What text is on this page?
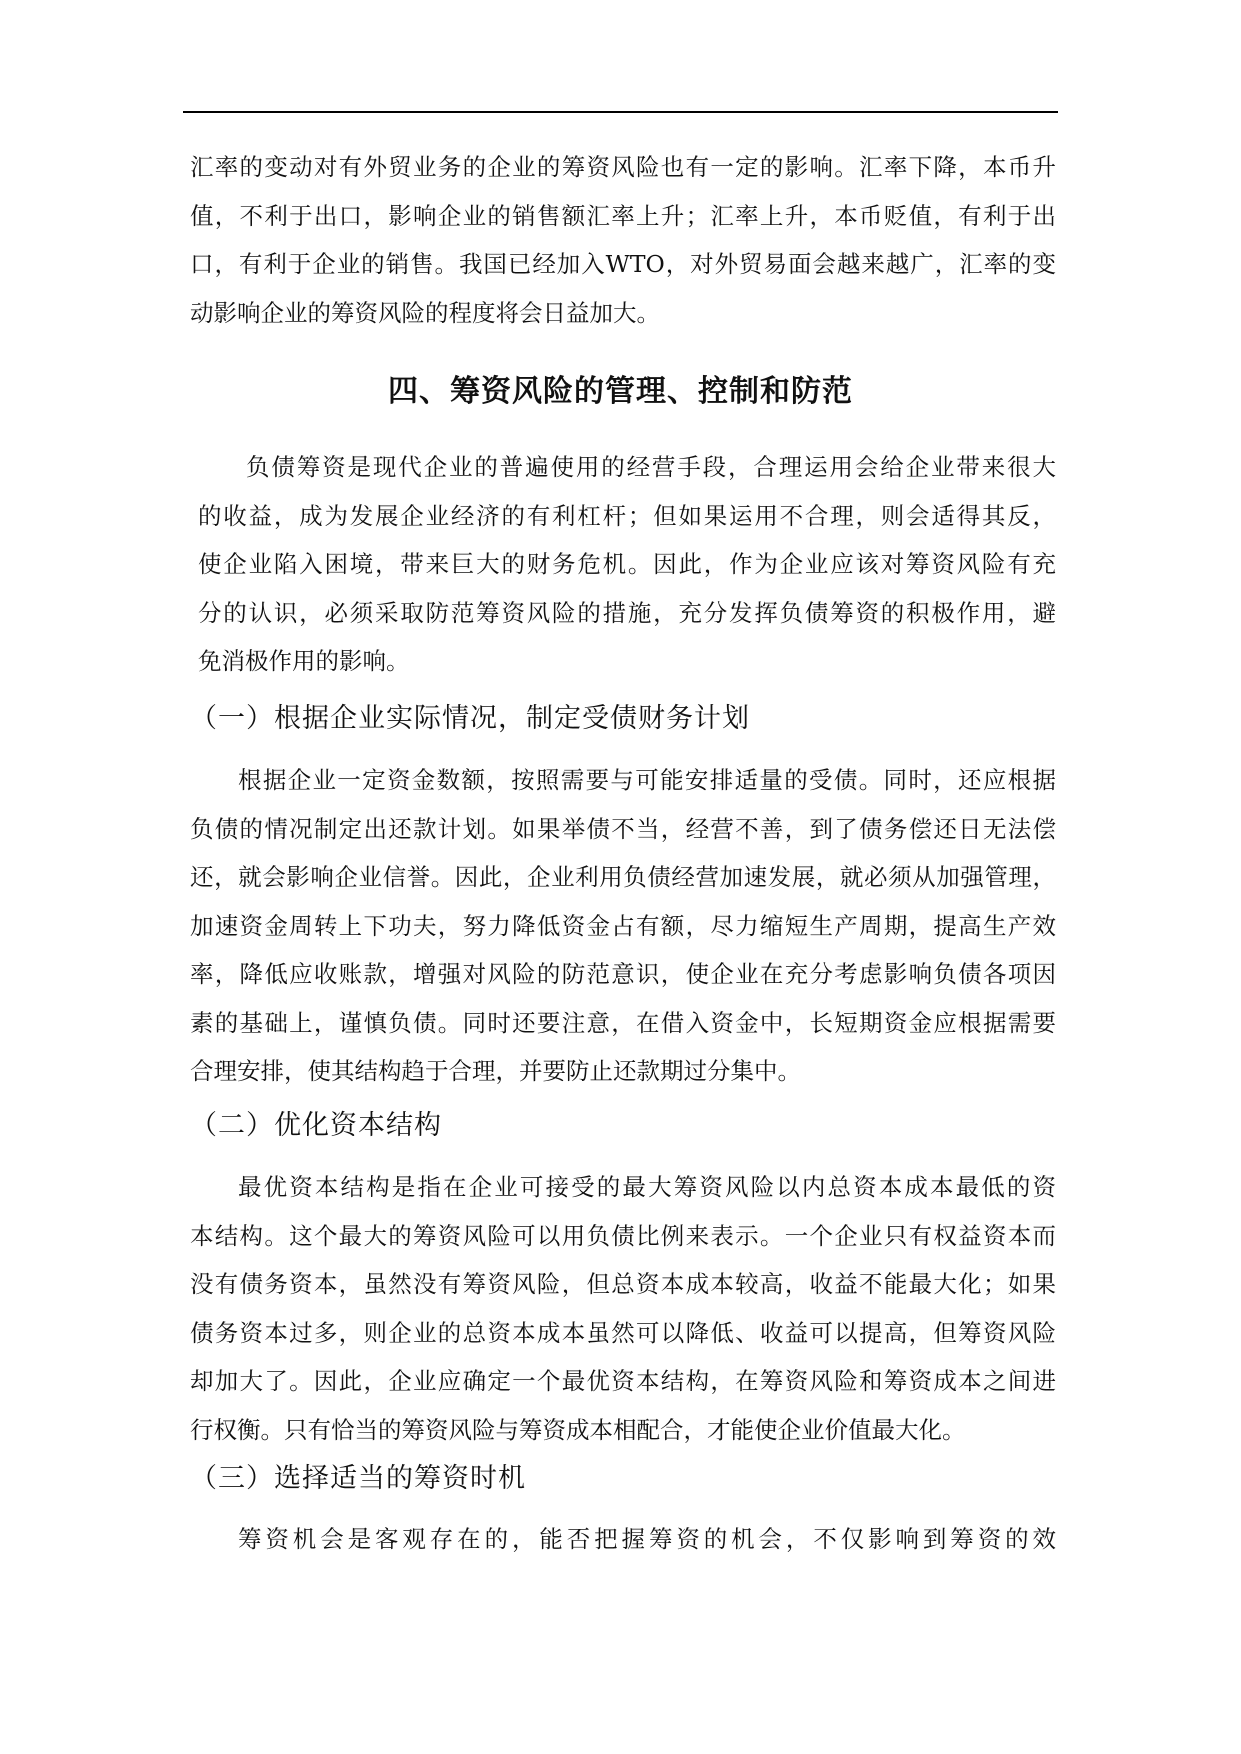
汇率的变动对有外贸业务的企业的筹资风险也有一定的影响。汇率下降，本币升
值，不利于出口，影响企业的销售额汇率上升；汇率上升，本币贬值，有利于出
口，有利于企业的销售。我国已经加入WTO，对外贸易面会越来越广，汇率的变
动影响企业的筹资风险的程度将会日益加大。

四、筹资风险的管理、控制和防范

负债筹资是现代企业的普遍使用的经营手段，合理运用会给企业带来很大
的收益，成为发展企业经济的有利杠杆；但如果运用不合理，则会适得其反，
使企业陷入困境，带来巨大的财务危机。因此，作为企业应该对筹资风险有充
分的认识，必须采取防范筹资风险的措施，充分发挥负债筹资的积极作用，避
免消极作用的影响。

（一）根据企业实际情况，制定受债财务计划

根据企业一定资金数额，按照需要与可能安排适量的受债。同时，还应根据
负债的情况制定出还款计划。如果举债不当，经营不善，到了债务偿还日无法偿
还，就会影响企业信誉。因此，企业利用负债经营加速发展，就必须从加强管理，
加速资金周转上下功夫，努力降低资金占有额，尽力缩短生产周期，提高生产效
率，降低应收账款，增强对风险的防范意识，使企业在充分考虑影响负债各项因
素的基础上，谨慎负债。同时还要注意，在借入资金中，长短期资金应根据需要
合理安排，使其结构趋于合理，并要防止还款期过分集中。

（二）优化资本结构

最优资本结构是指在企业可接受的最大筹资风险以内总资本成本最低的资
本结构。这个最大的筹资风险可以用负债比例来表示。一个企业只有权益资本而
没有债务资本，虽然没有筹资风险，但总资本成本较高，收益不能最大化；如果
债务资本过多，则企业的总资本成本虽然可以降低、收益可以提高，但筹资风险
却加大了。因此，企业应确定一个最优资本结构，在筹资风险和筹资成本之间进
行权衡。只有恰当的筹资风险与筹资成本相配合，才能使企业价值最大化。

（三）选择适当的筹资时机

筹资机会是客观存在的，能否把握筹资的机会，不仅影响到筹资的效
